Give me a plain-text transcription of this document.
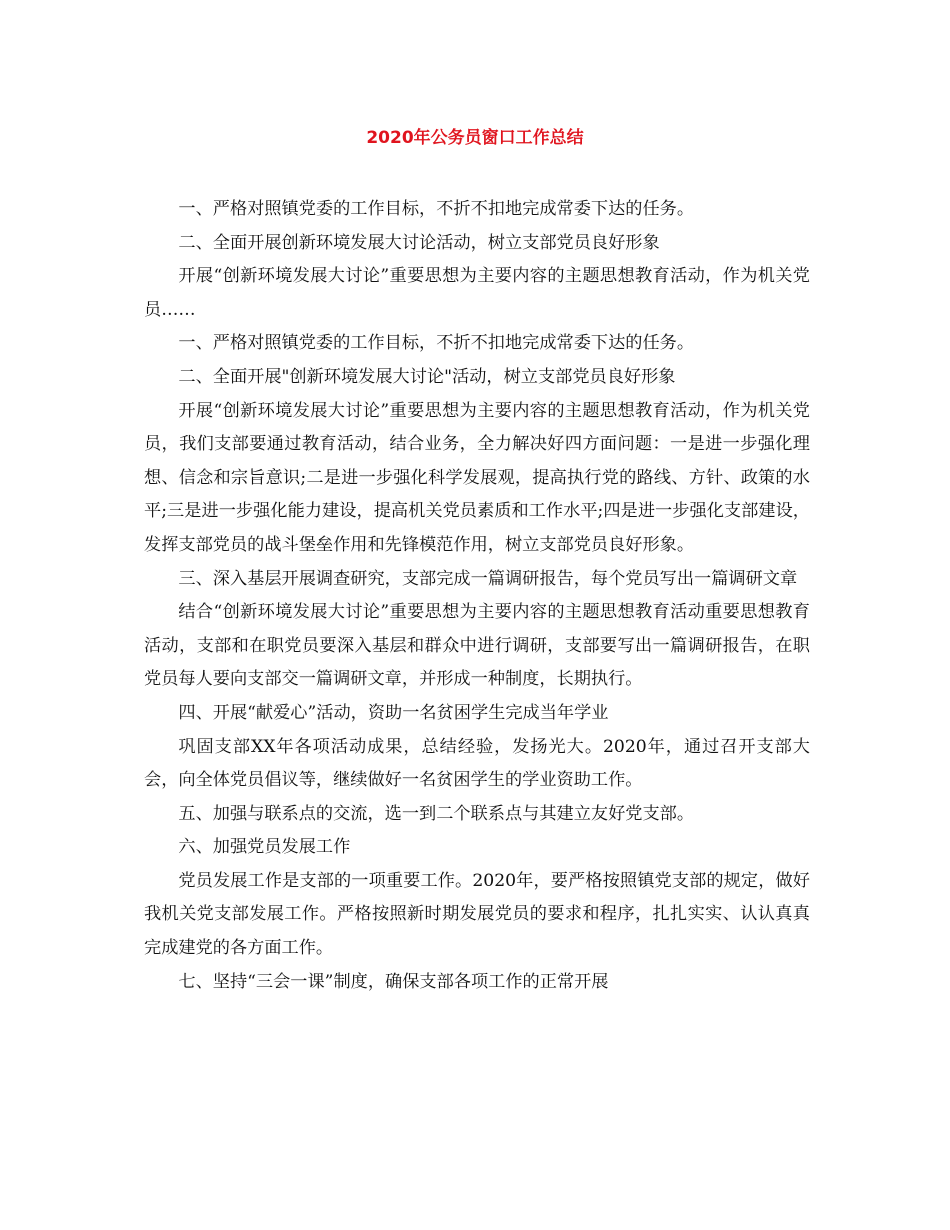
2020年公务员窗口工作总结

一、严格对照镇党委的工作目标，不折不扣地完成常委下达的任务。

二、全面开展创新环境发展大讨论活动，树立支部党员良好形象

开展“创新环境发展大讨论”重要思想为主要内容的主题思想教育活动，作为机关党员……

一、严格对照镇党委的工作目标，不折不扣地完成常委下达的任务。

二、全面开展"创新环境发展大讨论"活动，树立支部党员良好形象

开展“创新环境发展大讨论”重要思想为主要内容的主题思想教育活动，作为机关党员，我们支部要通过教育活动，结合业务，全力解决好四方面问题：一是进一步强化理想、信念和宗旨意识;二是进一步强化科学发展观，提高执行党的路线、方针、政策的水平;三是进一步强化能力建设，提高机关党员素质和工作水平;四是进一步强化支部建设，发挥支部党员的战斗堡垒作用和先锋模范作用，树立支部党员良好形象。

三、深入基层开展调查研究，支部完成一篇调研报告，每个党员写出一篇调研文章

结合“创新环境发展大讨论”重要思想为主要内容的主题思想教育活动重要思想教育活动，支部和在职党员要深入基层和群众中进行调研，支部要写出一篇调研报告，在职党员每人要向支部交一篇调研文章，并形成一种制度，长期执行。

四、开展“献爱心”活动，资助一名贫困学生完成当年学业

巩固支部XX年各项活动成果，总结经验，发扬光大。2020年，通过召开支部大会，向全体党员倡议等，继续做好一名贫困学生的学业资助工作。

五、加强与联系点的交流，选一到二个联系点与其建立友好党支部。

六、加强党员发展工作

党员发展工作是支部的一项重要工作。2020年，要严格按照镇党支部的规定，做好我机关党支部发展工作。严格按照新时期发展党员的要求和程序，扎扎实实、认认真真完成建党的各方面工作。

七、坚持“三会一课”制度，确保支部各项工作的正常开展
